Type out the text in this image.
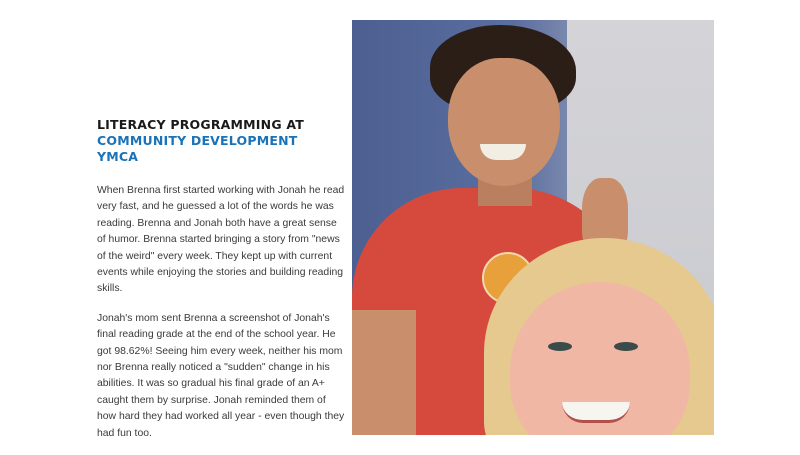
LITERACY PROGRAMMING AT
COMMUNITY DEVELOPMENT
YMCA

When Brenna first started working with Jonah he read very fast, and he guessed a lot of the words he was reading. Brenna and Jonah both have a great sense of humor. Brenna started bringing a story from "news of the weird" every week. They kept up with current events while enjoying the stories and building reading skills.

Jonah's mom sent Brenna a screenshot of Jonah's final reading grade at the end of the school year. He got 98.62%! Seeing him every week, neither his mom nor Brenna really noticed a "sudden" change in his abilities. It was so gradual his final grade of an A+ caught them by surprise. Jonah reminded them of how hard they had worked all year - even though they had fun too.
